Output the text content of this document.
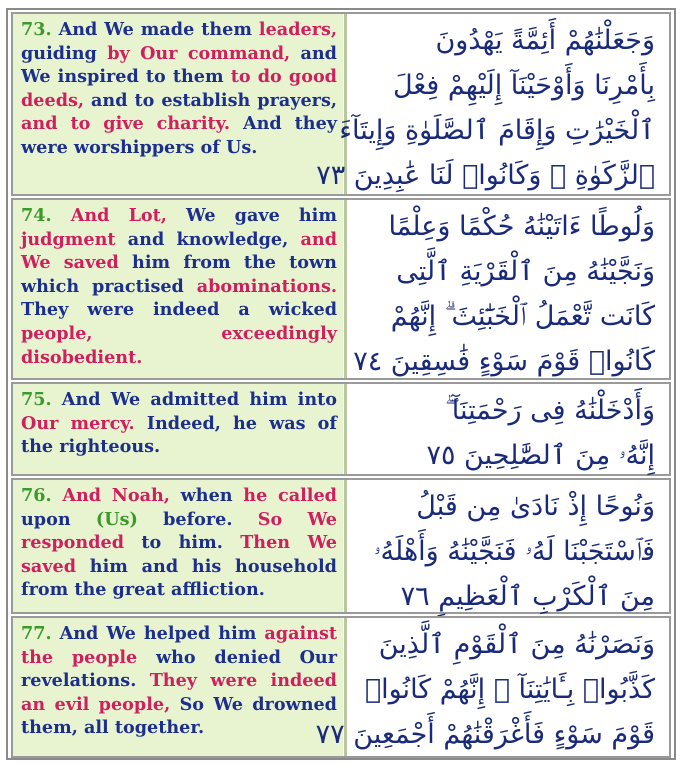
73. And We made them leaders, guiding by Our command, and We inspired to them to do good deeds, and to establish prayers, and to give charity. And they were worshippers of Us.
وَجَعَلْنَٰهُمْ أَئِمَّةً يَهْدُونَ
بِأَمْرِنَا وَأَوْحَيْنَآ إِلَيْهِمْ فِعْلَ
ٱلْخَيْرَٰتِ وَإِقَامَ ٱلصَّلَوٰةِ وَإِيتَآءَ
ٱلزَّكَوٰةِ ۖ وَكَانُوا۟ لَنَا عَٰبِدِينَ ٧٣
74. And Lot, We gave him judgment and knowledge, and We saved him from the town which practised abominations. They were indeed a wicked people, exceedingly disobedient.
وَلُوطًا ءَاتَيْنَٰهُ حُكْمًا وَعِلْمًا
وَنَجَّيْنَٰهُ مِنَ ٱلْقَرْيَةِ ٱلَّتِى
كَانَت تَّعْمَلُ ٱلْخَبَٰٓئِثَ ۗ إِنَّهُمْ
كَانُوا۟ قَوْمَ سَوْءٍ فَٰسِقِينَ ٧٤
75. And We admitted him into Our mercy. Indeed, he was of the righteous.
وَأَدْخَلْنَٰهُ فِى رَحْمَتِنَآ ۖ
إِنَّهُۥ مِنَ ٱلصَّٰلِحِينَ ٧٥
76. And Noah, when he called upon (Us) before. So We responded to him. Then We saved him and his household from the great affliction.
وَنُوحًا إِذْ نَادَىٰ مِن قَبْلُ
فَٱسْتَجَبْنَا لَهُۥ فَنَجَّيْنَٰهُ وَأَهْلَهُۥ
مِنَ ٱلْكَرْبِ ٱلْعَظِيمِ ٧٦
77. And We helped him against the people who denied Our revelations. They were indeed an evil people, So We drowned them, all together.
وَنَصَرْنَٰهُ مِنَ ٱلْقَوْمِ ٱلَّذِينَ
كَذَّبُوا۟ بِـَٔايَٰتِنَآ ۚ إِنَّهُمْ كَانُوا۟
قَوْمَ سَوْءٍ فَأَغْرَقْنَٰهُمْ أَجْمَعِينَ ٧٧
